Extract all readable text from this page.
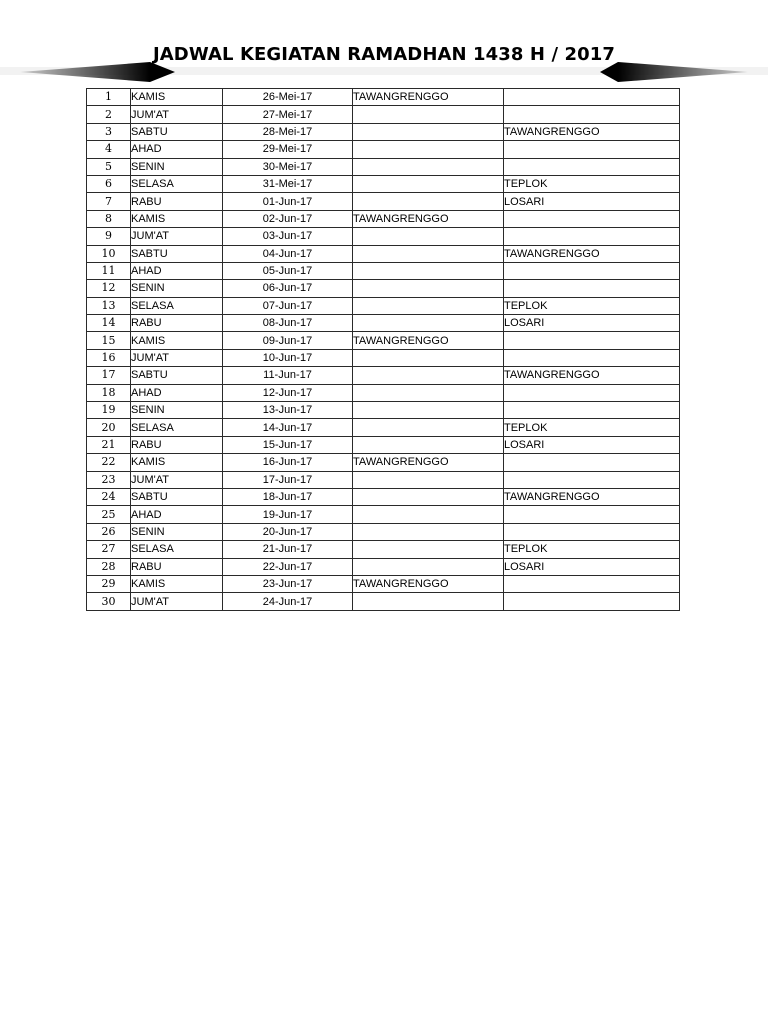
JADWAL KEGIATAN RAMADHAN 1438 H / 2017
1	KAMIS	26-Mei-17	TAWANGRENGGO	
2	JUM'AT	27-Mei-17		
3	SABTU	28-Mei-17		TAWANGRENGGO
4	AHAD	29-Mei-17		
5	SENIN	30-Mei-17		
6	SELASA	31-Mei-17		TEPLOK
7	RABU	01-Jun-17		LOSARI
8	KAMIS	02-Jun-17	TAWANGRENGGO	
9	JUM'AT	03-Jun-17		
10	SABTU	04-Jun-17		TAWANGRENGGO
11	AHAD	05-Jun-17		
12	SENIN	06-Jun-17		
13	SELASA	07-Jun-17		TEPLOK
14	RABU	08-Jun-17		LOSARI
15	KAMIS	09-Jun-17	TAWANGRENGGO	
16	JUM'AT	10-Jun-17		
17	SABTU	11-Jun-17		TAWANGRENGGO
18	AHAD	12-Jun-17		
19	SENIN	13-Jun-17		
20	SELASA	14-Jun-17		TEPLOK
21	RABU	15-Jun-17		LOSARI
22	KAMIS	16-Jun-17	TAWANGRENGGO	
23	JUM'AT	17-Jun-17		
24	SABTU	18-Jun-17		TAWANGRENGGO
25	AHAD	19-Jun-17		
26	SENIN	20-Jun-17		
27	SELASA	21-Jun-17		TEPLOK
28	RABU	22-Jun-17		LOSARI
29	KAMIS	23-Jun-17	TAWANGRENGGO	
30	JUM'AT	24-Jun-17		
